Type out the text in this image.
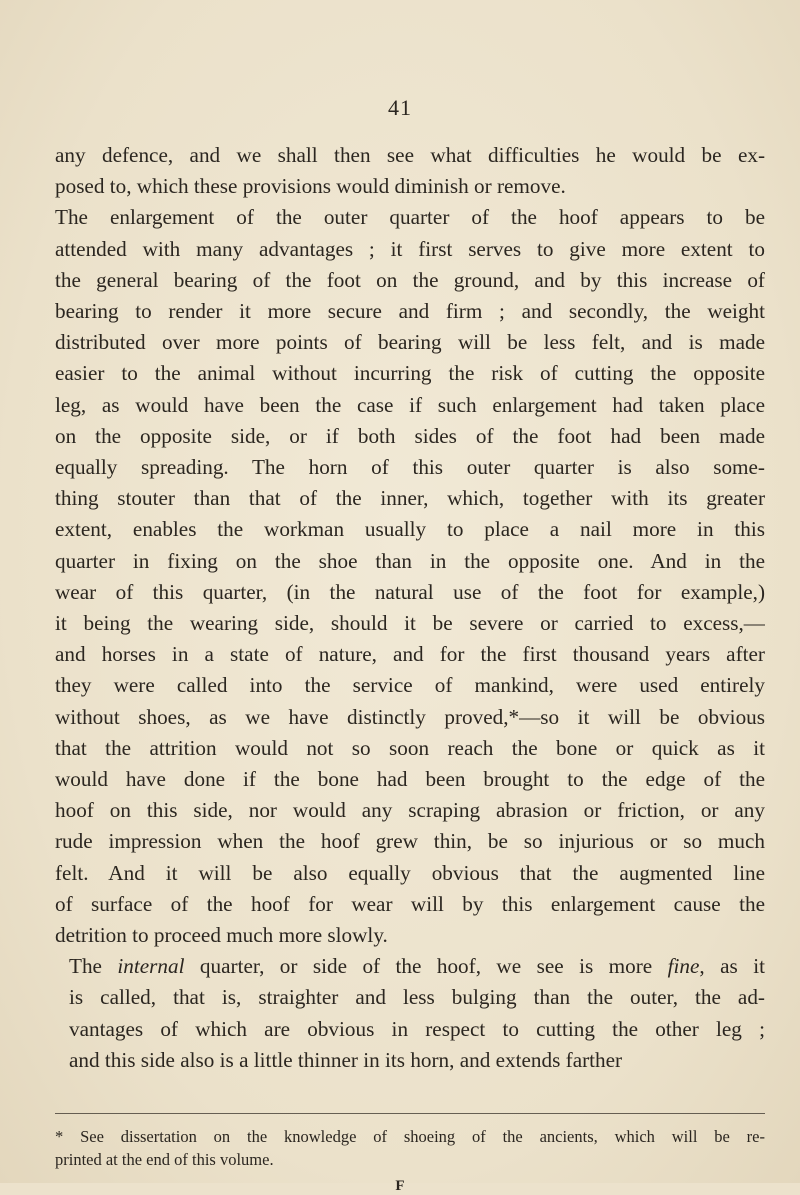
41

any defence, and we shall then see what difficulties he would be ex-
posed to, which these provisions would diminish or remove.

The enlargement of the outer quarter of the hoof appears to be
attended with many advantages ; it first serves to give more extent to
the general bearing of the foot on the ground, and by this increase of
bearing to render it more secure and firm ; and secondly, the weight
distributed over more points of bearing will be less felt, and is made
easier to the animal without incurring the risk of cutting the opposite
leg, as would have been the case if such enlargement had taken place
on the opposite side, or if both sides of the foot had been made
equally spreading. The horn of this outer quarter is also some-
thing stouter than that of the inner, which, together with its greater
extent, enables the workman usually to place a nail more in this
quarter in fixing on the shoe than in the opposite one. And in the
wear of this quarter, (in the natural use of the foot for example,)
it being the wearing side, should it be severe or carried to excess,—
and horses in a state of nature, and for the first thousand years after
they were called into the service of mankind, were used entirely
without shoes, as we have distinctly proved,*—so it will be obvious
that the attrition would not so soon reach the bone or quick as it
would have done if the bone had been brought to the edge of the
hoof on this side, nor would any scraping abrasion or friction, or any
rude impression when the hoof grew thin, be so injurious or so much
felt. And it will be also equally obvious that the augmented line
of surface of the hoof for wear will by this enlargement cause the
detrition to proceed much more slowly.

The internal quarter, or side of the hoof, we see is more fine, as it
is called, that is, straighter and less bulging than the outer, the ad-
vantages of which are obvious in respect to cutting the other leg ;
and this side also is a little thinner in its horn, and extends farther

* See dissertation on the knowledge of shoeing of the ancients, which will be re-
printed at the end of this volume.
F
